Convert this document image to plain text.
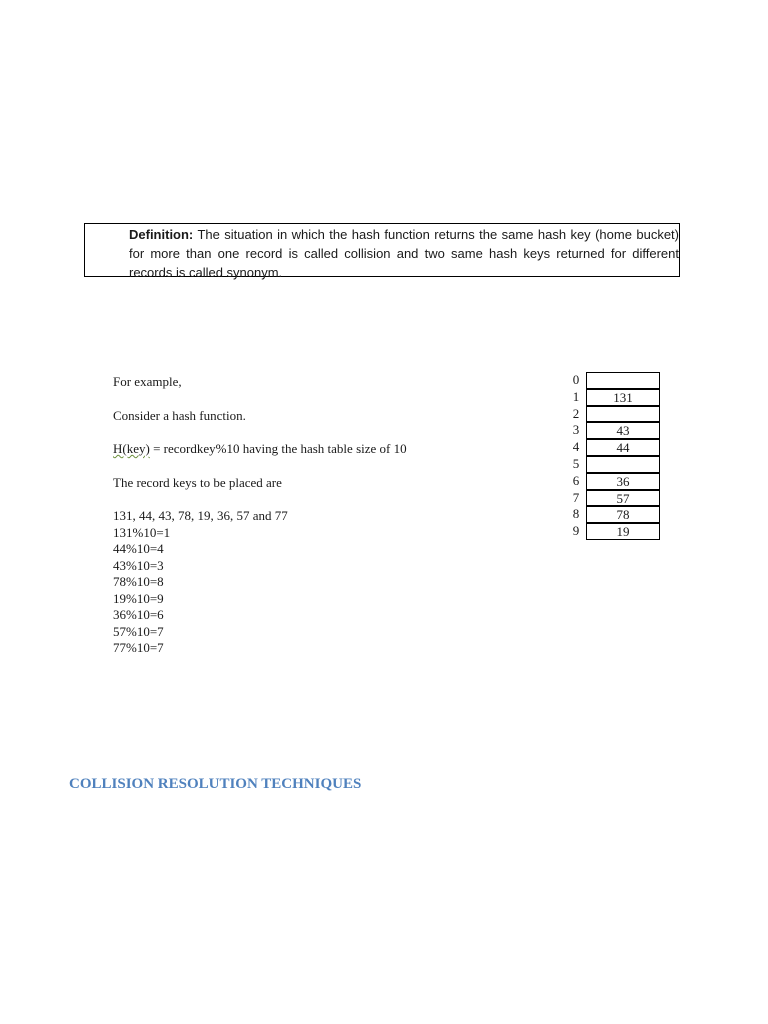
Definition: The situation in which the hash function returns the same hash key (home bucket) for more than one record is called collision and two same hash keys returned for different records is called synonym.
For example,
Consider a hash function.
H(key) = recordkey%10 having the hash table size of 10
The record keys to be placed are
131, 44, 43, 78, 19, 36, 57 and 77
131%10=1
44%10=4
43%10=3
78%10=8
19%10=9
36%10=6
57%10=7
77%10=7
0
1	131
2
3	43
4	44
5
6	36
7	57
8	78
9	19
COLLISION RESOLUTION TECHNIQUES
